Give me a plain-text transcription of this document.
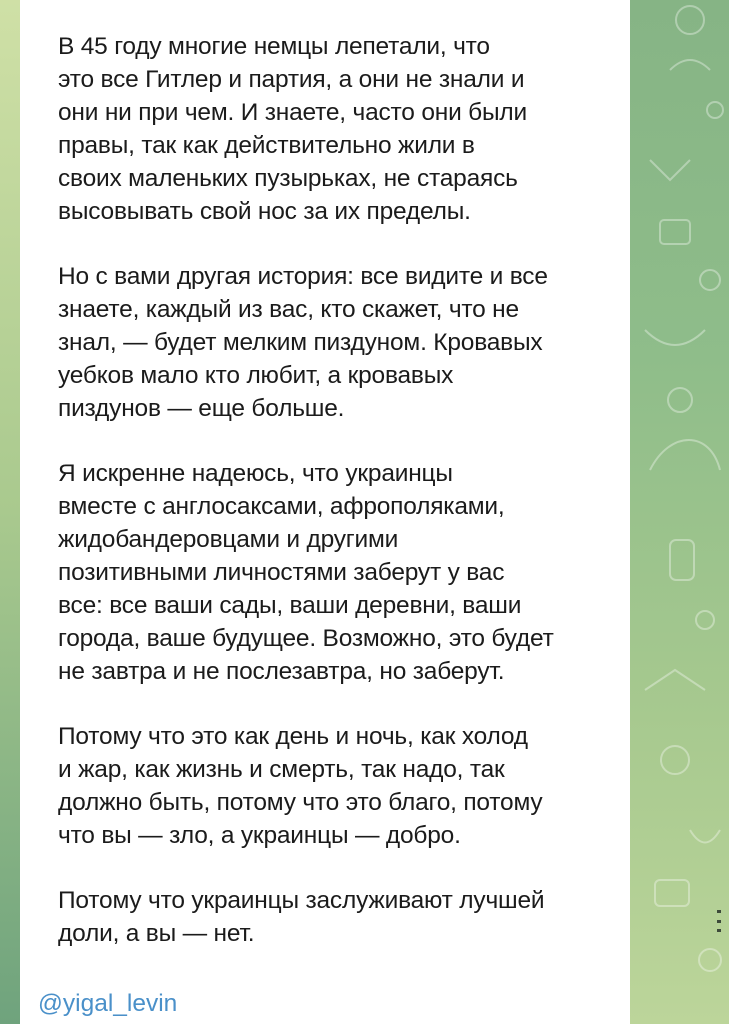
В 45 году многие немцы лепетали, что
это все Гитлер и партия, а они не знали и
они ни при чем. И знаете, часто они были
правы, так как действительно жили в
своих маленьких пузырьках, не стараясь
высовывать свой нос за их пределы.

Но с вами другая история: все видите и все
знаете, каждый из вас, кто скажет, что не
знал, — будет мелким пиздуном. Кровавых
уебков мало кто любит, а кровавых
пиздунов — еще больше.

Я искренне надеюсь, что украинцы
вместе с англосаксами, афрополяками,
жидобандеровцами и другими
позитивными личностями заберут у вас
все: все ваши сады, ваши деревни, ваши
города, ваше будущее. Возможно, это будет
не завтра и не послезавтра, но заберут.

Потому что это как день и ночь, как холод
и жар, как жизнь и смерть, так надо, так
должно быть, потому что это благо, потому
что вы — зло, а украинцы — добро.

Потому что украинцы заслуживают лучшей
доли, а вы — нет.

@yigal_levin
